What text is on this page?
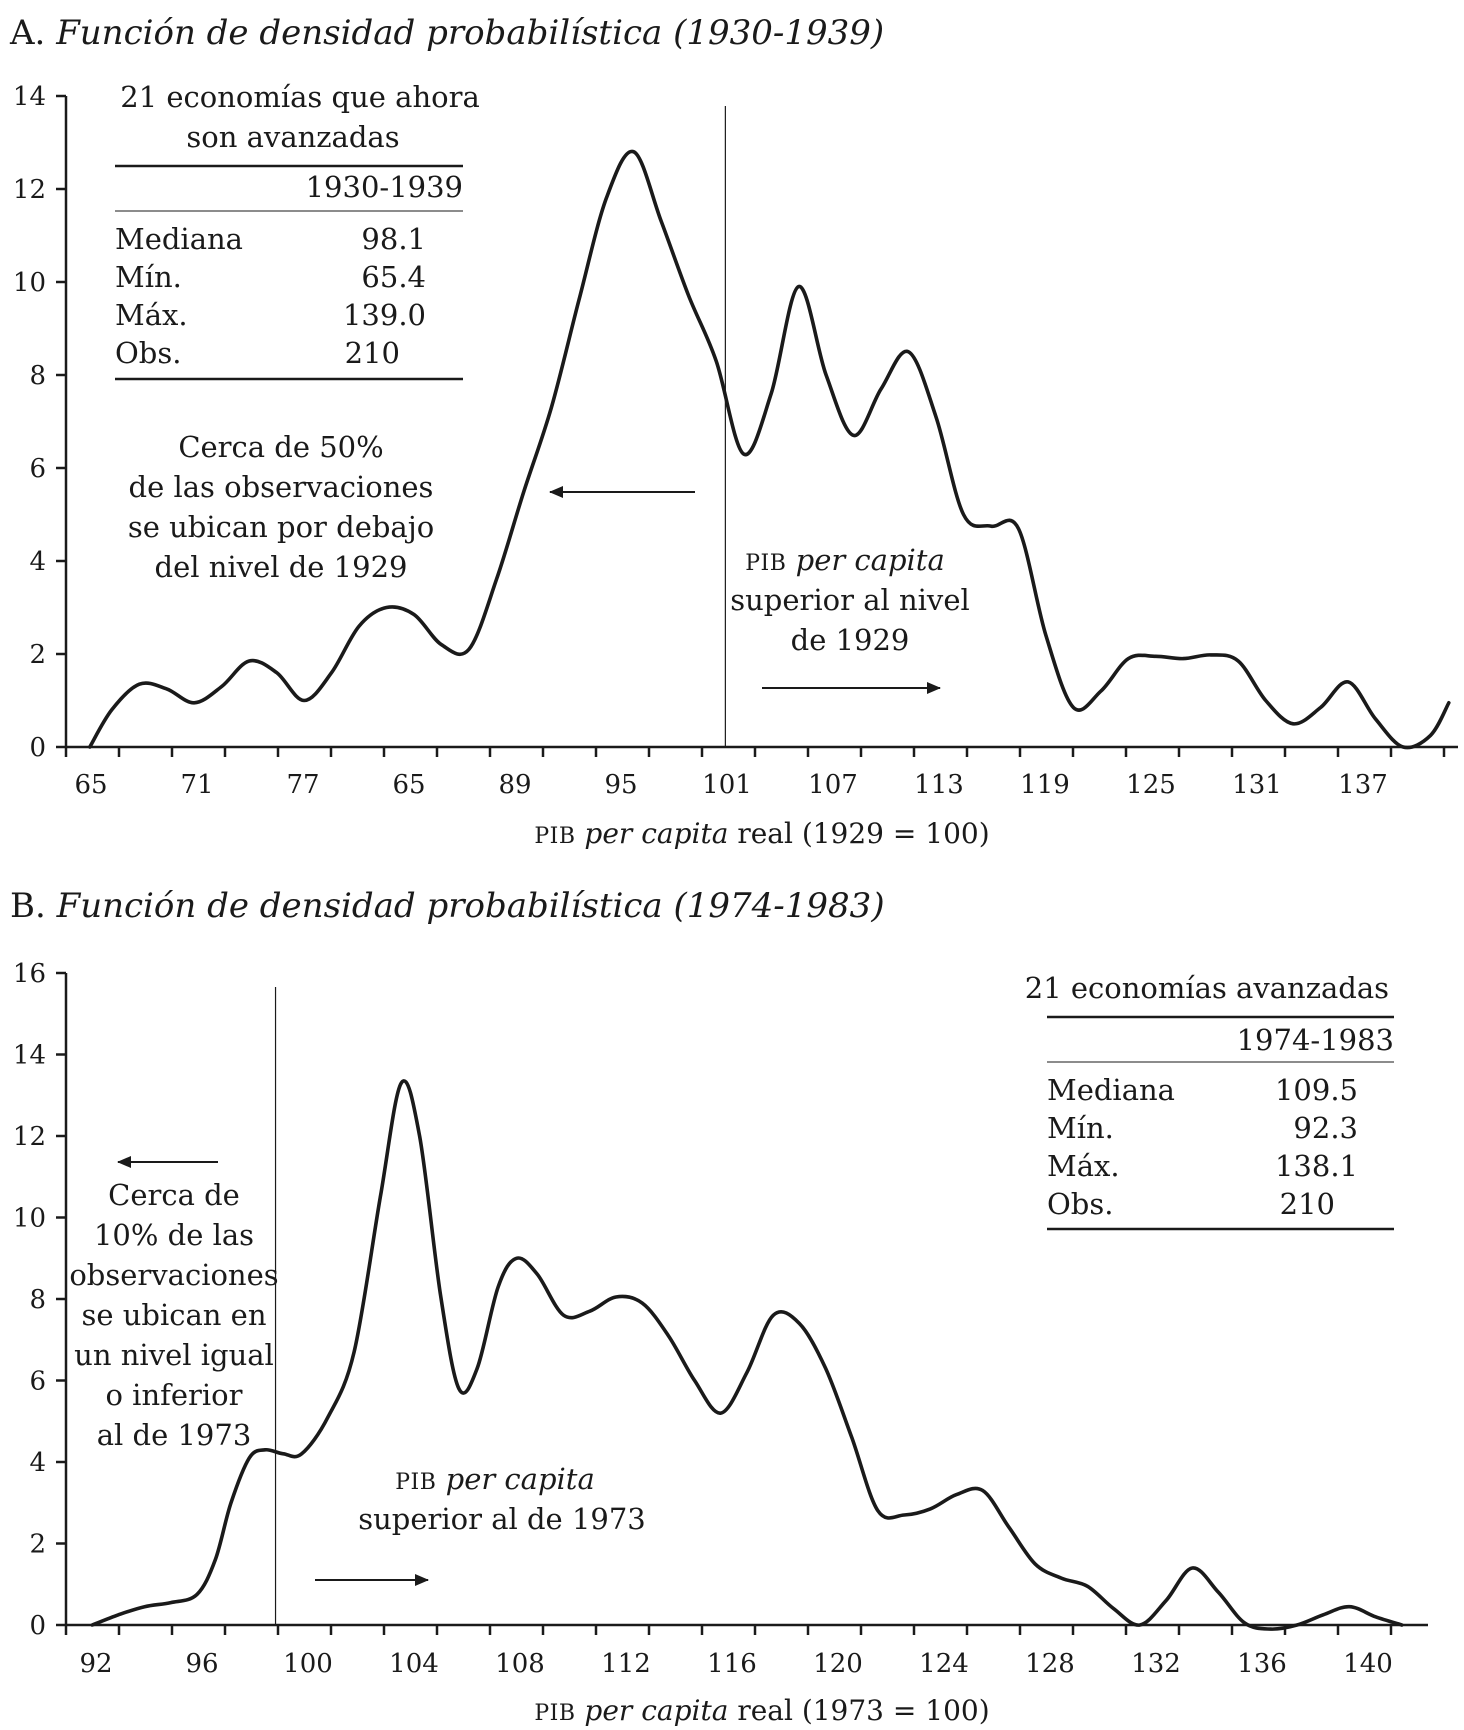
A. Función de densidad probabilística (1930-1939)
0
2
4
6
8
10
12
14
65	71	77	65	89	95 101 107 113 119 125 131 137
PIB per capita real (1929 = 100)
21 economías que ahora
son avanzadas
1930-1939
Mediana	98.1
Mín.	65.4
Máx.	139.0
Obs.	210
Cerca de 50%
de las observaciones
se ubican por debajo
del nivel de 1929	PIB per capita
superior al nivel
de 1929
B. Función de densidad probabilística (1974-1983)
0
2
4
6
8
10
12
14
16
92	96 100 104 108 112 116 120 124 128 132 136 140
PIB per capita real (1973 = 100)
21 economías avanzadas
1974-1983
Mediana	109.5
Mín.	92.3
Máx.	138.1
Obs.	210
Cerca de
10% de las
observaciones
se ubican en
un nivel igual
o inferior
al de 1973
PIB per capita
superior al de 1973
